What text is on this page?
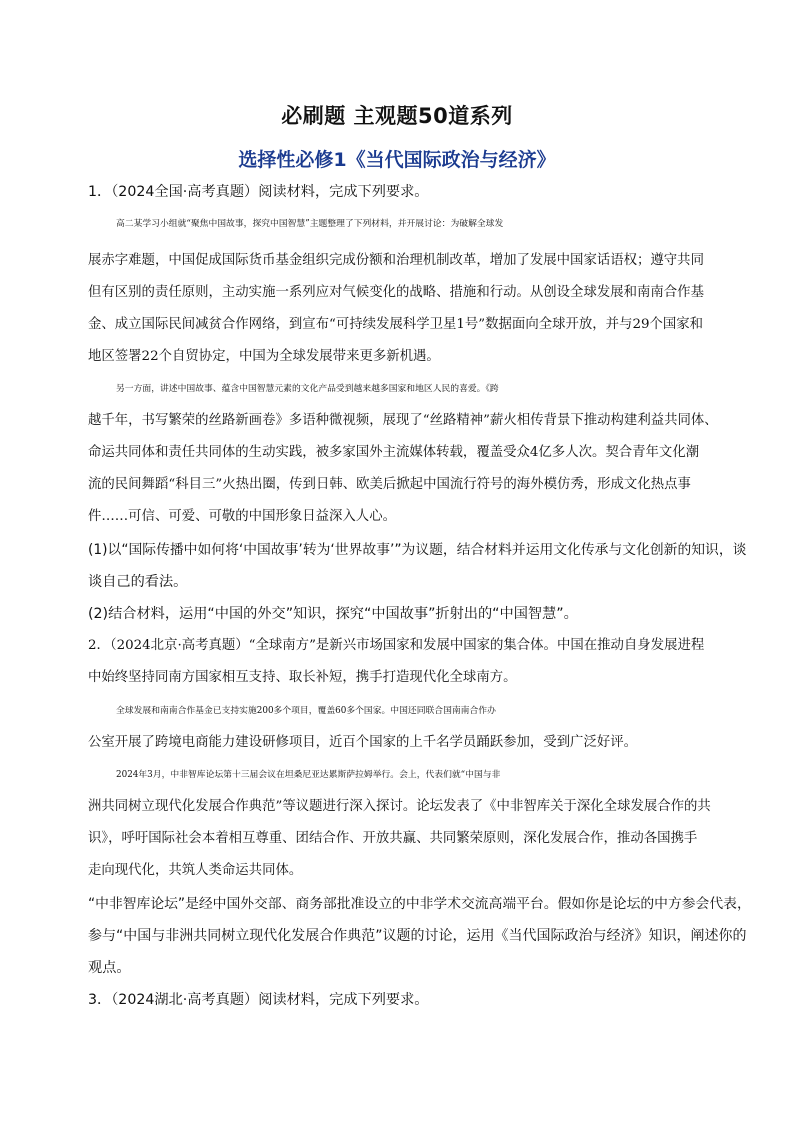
必刷题 主观题50道系列
选择性必修1《当代国际政治与经济》
1．（2024全国·高考真题）阅读材料，完成下列要求。
高二某学习小组就“聚焦中国故事，探究中国智慧”主题整理了下列材料，并开展讨论：为破解全球发
展赤字难题，中国促成国际货币基金组织完成份额和治理机制改革，增加了发展中国家话语权；遵守共同
但有区别的责任原则，主动实施一系列应对气候变化的战略、措施和行动。从创设全球发展和南南合作基
金、成立国际民间减贫合作网络，到宣布“可持续发展科学卫星1号”数据面向全球开放，并与29个国家和
地区签署22个自贸协定，中国为全球发展带来更多新机遇。
另一方面，讲述中国故事、蕴含中国智慧元素的文化产品受到越来越多国家和地区人民的喜爱。《跨
越千年，书写繁荣的丝路新画卷》多语种微视频，展现了“丝路精神”薪火相传背景下推动构建利益共同体、
命运共同体和责任共同体的生动实践，被多家国外主流媒体转载，覆盖受众4亿多人次。契合青年文化潮
流的民间舞蹈“科目三”火热出圈，传到日韩、欧美后掀起中国流行符号的海外模仿秀，形成文化热点事
件……可信、可爱、可敬的中国形象日益深入人心。
(1)以“国际传播中如何将‘中国故事’转为‘世界故事’”为议题，结合材料并运用文化传承与文化创新的知识，谈
谈自己的看法。
(2)结合材料，运用“中国的外交”知识，探究“中国故事”折射出的“中国智慧”。
2．（2024北京·高考真题）“全球南方”是新兴市场国家和发展中国家的集合体。中国在推动自身发展进程
中始终坚持同南方国家相互支持、取长补短，携手打造现代化全球南方。
全球发展和南南合作基金已支持实施200多个项目，覆盖60多个国家。中国还同联合国南南合作办
公室开展了跨境电商能力建设研修项目，近百个国家的上千名学员踊跃参加，受到广泛好评。
2024年3月，中非智库论坛第十三届会议在坦桑尼亚达累斯萨拉姆举行。会上，代表们就“中国与非
洲共同树立现代化发展合作典范”等议题进行深入探讨。论坛发表了《中非智库关于深化全球发展合作的共
识》，呼吁国际社会本着相互尊重、团结合作、开放共赢、共同繁荣原则，深化发展合作，推动各国携手
走向现代化，共筑人类命运共同体。
“中非智库论坛”是经中国外交部、商务部批准设立的中非学术交流高端平台。假如你是论坛的中方参会代表，
参与“中国与非洲共同树立现代化发展合作典范”议题的讨论，运用《当代国际政治与经济》知识，阐述你的
观点。
3．（2024湖北·高考真题）阅读材料，完成下列要求。
